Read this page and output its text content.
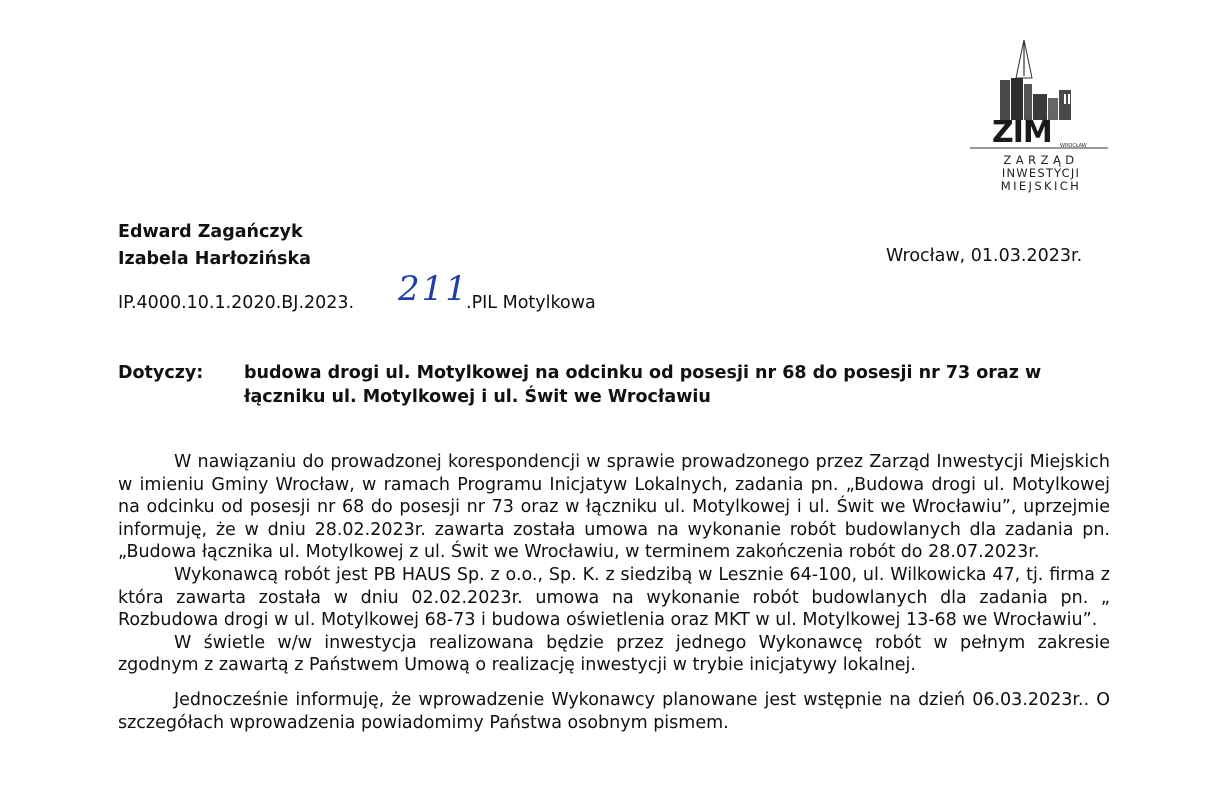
ZIM WROCŁAW
ZARZĄD
INWESTYCJI
MIEJSKICH
Edward Zagańczyk
Izabela Harłozińska	Wrocław, 01.03.2023r.
IP.4000.10.1.2020.BJ.2023. 211
.PIL Motylkowa
Dotyczy: budowa drogi ul. Motylkowej na odcinku od posesji nr 68 do posesji nr 73 oraz w łączniku ul. Motylkowej i ul. Świt we Wrocławiu

W nawiązaniu do prowadzonej korespondencji w sprawie prowadzonego przez Zarząd Inwestycji Miejskich w imieniu Gminy Wrocław, w ramach Programu Inicjatyw Lokalnych, zadania pn. „Budowa drogi ul. Motylkowej na odcinku od posesji nr 68 do posesji nr 73 oraz w łączniku ul. Motylkowej i ul. Świt we Wrocławiu”, uprzejmie informuję, że w dniu 28.02.2023r. zawarta została umowa na wykonanie robót budowlanych dla zadania pn. „Budowa łącznika ul. Motylkowej z ul. Świt we Wrocławiu, w terminem zakończenia robót do 28.07.2023r.

Wykonawcą robót jest PB HAUS Sp. z o.o., Sp. K. z siedzibą w Lesznie 64-100, ul. Wilkowicka 47, tj. firma z która zawarta została w dniu 02.02.2023r. umowa na wykonanie robót budowlanych dla zadania pn. „ Rozbudowa drogi w ul. Motylkowej 68-73 i budowa oświetlenia oraz MKT w ul. Motylkowej 13-68 we Wrocławiu”.

W świetle w/w inwestycja realizowana będzie przez jednego Wykonawcę robót w pełnym zakresie zgodnym z zawartą z Państwem Umową o realizację inwestycji w trybie inicjatywy lokalnej.

Jednocześnie informuję, że wprowadzenie Wykonawcy planowane jest wstępnie na dzień 06.03.2023r.. O szczegółach wprowadzenia powiadomimy Państwa osobnym pismem.
